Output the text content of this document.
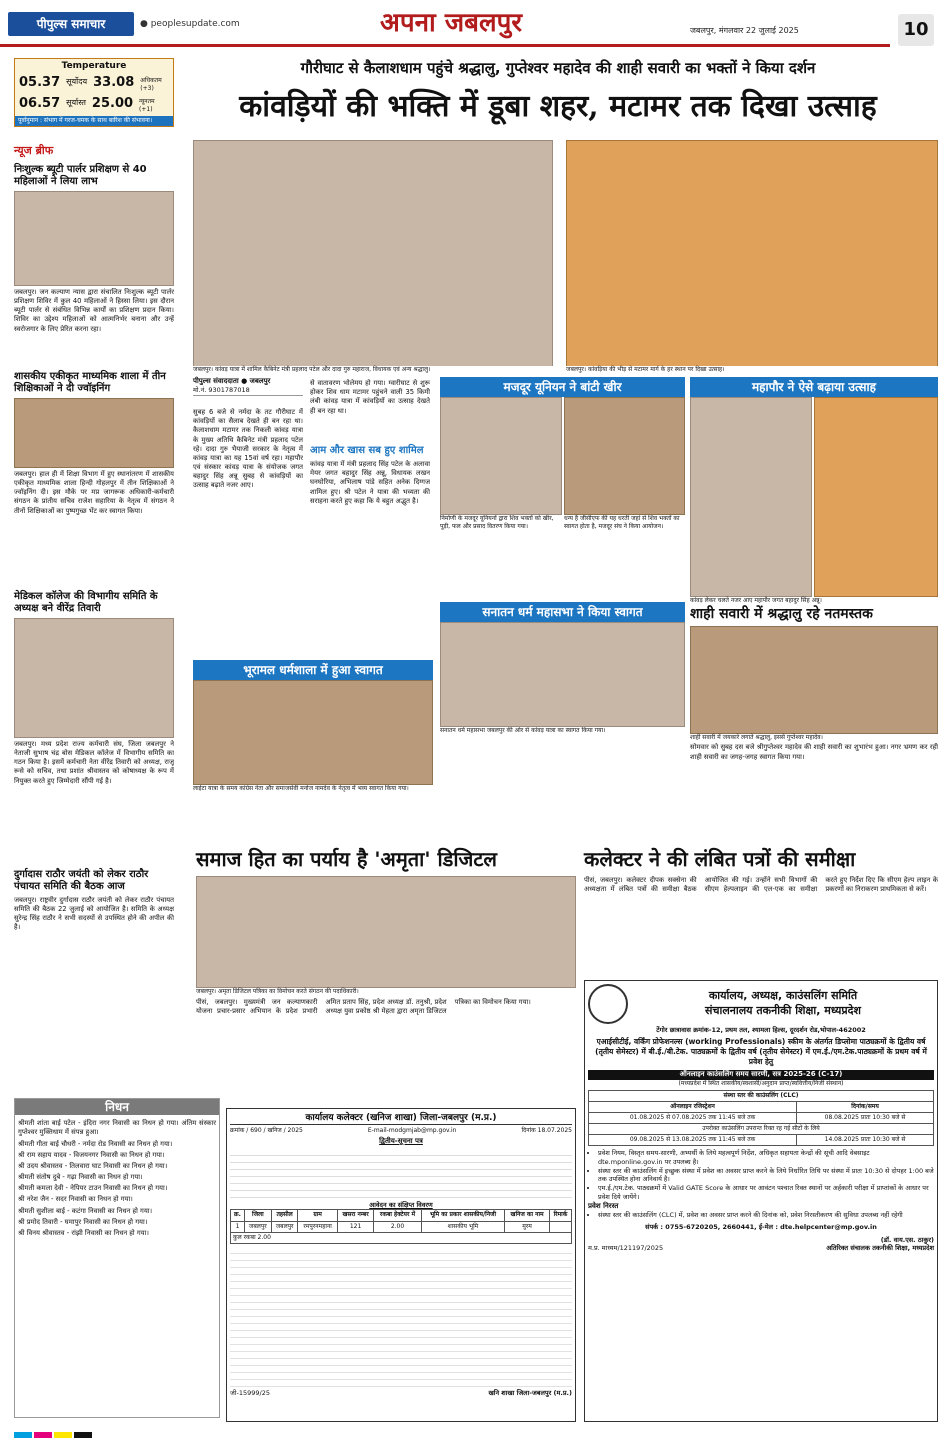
पीपुल्स समाचार	● peoplesupdate.com	अपना जबलपुर	जबलपुर, मंगलवार 22 जुलाई 2025	10
Temperature
05.37 सूर्योदय 33.08 अधिकतम (+3)
06.57 सूर्यास्त 25.00 न्यूनतम (+1)
पूर्वानुमान : संभाग में गरज-चमक के साथ बारिश की संभावना।
गौरीघाट से कैलाशधाम पहुंचे श्रद्धालु, गुप्तेश्वर महादेव की शाही सवारी का भक्तों ने किया दर्शन
कांवड़ियों की भक्ति में डूबा शहर, मटामर तक दिखा उत्साह
जबलपुर। कांवड़ यात्रा में शामिल कैबिनेट मंत्री प्रहलाद पटेल और दादा गुरु महाराज, विधायक एवं अन्य श्रद्धालु।	जबलपुर। कांवड़िया की भीड़ से मटामर मार्ग के हर स्थान पर दिखा उत्साह।
पीपुल्स संवाददाता ● जबलपुर
मो.नं. 9301787018
सुबह 6 बजे से नर्मदा के तट गौरीघाट में कांवड़ियों का सैलाब देखते ही बन रहा था। कैलाशधाम मटामर तक निकली कांवड़ यात्रा के मुख्य अतिथि कैबिनेट मंत्री प्रहलाद पटेल रहे। दादा गुरु भैयाजी सरकार के नेतृत्व में कांवड़ यात्रा का यह 15वां वर्ष रहा। महापौर एवं संस्कार कांवड़ यात्रा के संयोजक जगत बहादुर सिंह अन्नू सुबह से कांवड़ियों का उत्साह बढ़ाते नजर आए।
से वातावरण भोलेमय हो गया। ग्वारीघाट से शुरू होकर शिव धाम मटामर पहुंचने वाली 35 किमी लंबी कांवड़ यात्रा में कांवड़ियों का उत्साह देखते ही बन रहा था।
आम और खास सब हुए शामिल
कांवड़ यात्रा में मंत्री प्रहलाद सिंह पटेल के अलावा मेयर जगत बहादुर सिंह अन्नू, विधायक लखन घनघोरिया, अभिलाष पांडे सहित अनेक दिग्गज शामिल हुए। श्री पटेल ने यात्रा की भव्यता की सराहना करते हुए कहा कि ये बहुत अद्भुत है।
भूरामल धर्मशाला में हुआ स्वागत
लाईटा यात्रा के समय कांग्रेस नेता और समाजसेवी मनोज नामदेव के नेतृत्व में भव्य स्वागत किया गया।
मजदूर यूनियन ने बांटी खीर
निर्माणी के मजदूर यूनियनों द्वारा शिव भक्तों को खीर, पूड़ी, फल और प्रसाद वितरण किया गया।
धन्य है जीसीएफ की यह धरती जहां से शिव भक्तों का स्वागत होता है, मजदूर संघ ने किया आयोजन।
महापौर ने ऐसे बढ़ाया उत्साह
कांवड़ लेकर चलते नजर आए महापौर जगत बहादुर सिंह अन्नू।
सनातन धर्म महासभा ने किया स्वागत
सनातन धर्म महासभा जबलपुर की ओर से कांवड़ यात्रा का स्वागत किया गया।
शाही सवारी में श्रद्धालु रहे नतमस्तक
शाही सवारी में जयकारे लगाते श्रद्धालु, इससे गुप्तेश्वर महादेव।
सोमवार को सुबह दस बजे श्रीगुप्तेश्वर महादेव की शाही सवारी का शुभारंभ हुआ। नगर भ्रमण कर रही शाही सवारी का जगह-जगह स्वागत किया गया।
न्यूज ब्रीफ
निःशुल्क ब्यूटी पार्लर प्रशिक्षण से 40 महिलाओं ने लिया लाभ
जबलपुर। जन कल्याण न्यास द्वारा संचालित निःशुल्क ब्यूटी पार्लर प्रशिक्षण शिविर में कुल 40 महिलाओं ने हिस्सा लिया। इस दौरान ब्यूटी पार्लर से संबंधित विभिन्न कार्यों का प्रशिक्षण प्रदान किया। शिविर का उद्देश्य महिलाओं को आत्मनिर्भर बनाना और उन्हें स्वरोजगार के लिए प्रेरित करना रहा।
शासकीय एकीकृत माध्यमिक शाला में तीन शिक्षिकाओं ने दी ज्वॉइनिंग
जबलपुर। हाल ही में शिक्षा विभाग में हुए स्थानांतरण में शासकीय एकीकृत माध्यमिक शाला हिन्दी गोहलपुर में तीन शिक्षिकाओं ने ज्वॉइनिंग दी। इस मौके पर मप्र जागरूक अधिकारी-कर्मचारी संगठन के प्रांतीय सचिव राजेश सहारिया के नेतृत्व में संगठन ने तीनों शिक्षिकाओं का पुष्पगुच्छ भेंट कर स्वागत किया।
मेडिकल कॉलेज की विभागीय समिति के अध्यक्ष बने वीरेंद्र तिवारी
जबलपुर। मध्य प्रदेश राज्य कर्मचारी संघ, जिला जबलपुर ने नेताजी सुभाष चंद्र बोस मेडिकल कॉलेज में विभागीय समिति का गठन किया है। इसमें कर्मचारी नेता वीरेंद्र तिवारी को अध्यक्ष, राजू रूसे को सचिव, तथा प्रशांत श्रीवास्तव को कोषाध्यक्ष के रूप में नियुक्त करते हुए जिम्मेदारी सौंपी गई है।
दुर्गादास राठौर जयंती को लेकर राठौर पंचायत समिति की बैठक आज
जबलपुर। राष्ट्रवीर दुर्गादास राठौर जयंती को लेकर राठौर पंचायत समिति की बैठक 22 जुलाई को आयोजित है। समिति के अध्यक्ष सुरेन्द्र सिंह राठौर ने सभी सदस्यों से उपस्थित होने की अपील की है।
निधन
श्रीमती शांता बाई पटेल - इंदिरा नगर निवासी का निधन हो गया। अंतिम संस्कार गुप्तेश्वर मुक्तिधाम में संपन्न हुआ।
श्रीमती गीता बाई चौधरी - नर्मदा रोड निवासी का निधन हो गया।
श्री राम सहाय यादव - विजयनगर निवासी का निधन हो गया।
श्री उदय श्रीवास्तव - तिलवारा घाट निवासी का निधन हो गया।
श्रीमती संतोष दुबे - गढ़ा निवासी का निधन हो गया।
श्रीमती कमला देवी - नेपियर टाउन निवासी का निधन हो गया।
श्री नरेश जैन - सदर निवासी का निधन हो गया।
श्रीमती सुशीला बाई - कटंगा निवासी का निधन हो गया।
श्री प्रमोद तिवारी - घमापुर निवासी का निधन हो गया।
श्री विनय श्रीवास्तव - रांझी निवासी का निधन हो गया।
समाज हित का पर्याय है 'अमृता' डिजिटल
जबलपुर। अमृता डिजिटल पत्रिका का विमोचन करते संगठन की पदाधिकारी।
पीसं, जबलपुर। मुख्यमंत्री जन कल्याणकारी योजना प्रचार-प्रसार अभियान के प्रदेश प्रभारी अमित प्रताप सिंह, प्रदेश अध्यक्ष डॉ. तनुश्री, प्रदेश अध्यक्ष युवा प्रकोष्ठ श्री मेहता द्वारा अमृता डिजिटल पत्रिका का विमोचन किया गया।
कलेक्टर ने की लंबित पत्रों की समीक्षा
पीसं, जबलपुर। कलेक्टर दीपक सक्सेना की अध्यक्षता में लंबित पत्रों की समीक्षा बैठक आयोजित की गई। उन्होंने सभी विभागों की सीएम हेल्पलाइन की एल-एक का समीक्षा करते हुए निर्देश दिए कि सीएम हेल्प लाइन के प्रकरणों का निराकरण प्राथमिकता से करें।
कार्यालय कलेक्टर (खनिज शाखा) जिला-जबलपुर (म.प्र.)
क्रमांक / 690 / खनिज / 2025	E-mail-modgmjab@mp.gov.in	दिनांक 18.07.2025
द्वितीय-सूचना पत्र
आवेदन का संक्षिप्त विवरण
क्र.	जिला	तहसील	ग्राम	खसरा नम्बर	रकबा हेक्टेयर में	भूमि का प्रकार शासकीय/निजी	खनिज का नाम	रिमार्क
1	जबलपुर	जबलपुर	रमपुरनमहाना	121	2.00	शासकीय भूमि	मुरम	
कुल रकबा 2.00								
जी-15999/25	खनि शाखा जिला-जबलपुर (म.प्र.)
कार्यालय, अध्यक्ष, काउंसलिंग समिति
संचालनालय तकनीकी शिक्षा, मध्यप्रदेश
टेंगोर छात्रावास क्रमांक-12, प्रथम तल, श्यामला हिल्स, दूरदर्शन रोड,भोपाल-462002
एआईसीटीई, वर्किंग प्रोफेशनल्स (working Professionals) स्कीम के अंतर्गत डिप्लोमा पाठ्यक्रमों के द्वितीय वर्ष (तृतीय सेमेस्टर) में बी.ई./बी.टेक. पाठ्यक्रमों के द्वितीय वर्ष (तृतीय सेमेस्टर) में एम.ई./एम.टेक.पाठ्यक्रमों के प्रथम वर्ष में प्रवेश हेतु
ऑनलाइन काउंसलिंग समय सारणी, सत्र 2025-26 (C-17)
(मध्यप्रदेश में स्थित शासकीय/स्वशासी/अनुदान प्राप्त/स्ववित्तीय/निजी संस्थान)
संस्था स्तर की काउंसलिंग (CLC)	
ऑनलाइन रजिस्ट्रेशन	दिनांक/समय
01.08.2025 से 07.08.2025 तक 11:45 बजे तक	08.08.2025 प्रातः 10:30 बजे से
उपरोक्त काउंसलिंग उपरान्त रिक्त रह गई सीटों के लिये	
09.08.2025 से 13.08.2025 तक 11:45 बजे तक	14.08.2025 प्रातः 10:30 बजे से
• प्रवेश नियम, विस्तृत समय-सारणी, अभ्यर्थी के लिये महत्वपूर्ण निर्देश, अधिकृत सहायता केन्द्रों की सूची आदि वेबसाइट dte.mponline.gov.in पर उपलब्ध है।
• संस्था स्तर की काउंसलिंग में इच्छुक संस्था में प्रवेश का अवसर प्राप्त करने के लिये निर्धारित तिथि पर संस्था में प्रातः 10:30 से दोपहर 1:00 बजे तक उपस्थित होना अनिवार्य है।
• एम.ई./एम.टेक. पाठ्यक्रमों में Valid GATE Score के आधार पर आवंटन पश्चात रिक्त स्थानों पर अर्हकारी परीक्षा में प्राप्तांकों के आधार पर प्रवेश दिये जायेंगे।
प्रवेश निरस्त
• संस्था स्तर की काउंसलिंग (CLC) में, प्रवेश का अवसर प्राप्त करने की दिनांक को, प्रवेश निरस्तीकरण की सुविधा उपलब्ध नहीं रहेगी
संपर्क : 0755-6720205, 2660441, ई-मेल : dte.helpcenter@mp.gov.in
(डॉ. वाय.एस. ठाकुर)
म.प्र. माध्यम/121197/2025	अतिरिक्त संचालक तकनीकी शिक्षा, मध्यप्रदेश
